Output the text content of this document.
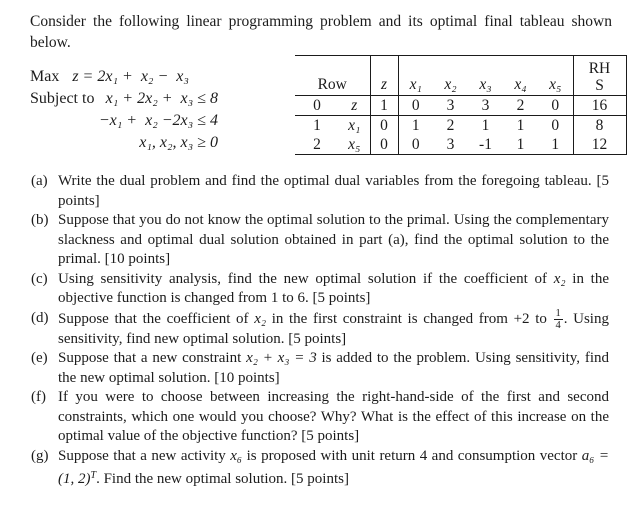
Consider the following linear programming problem and its optimal final tableau shown
below.

Max z = 2x₁ +  x₂ −  x₃
Subject to x₁ + 2x₂ +  x₃ ≤ 8
−x₁ +  x₂ −2x₃ ≤ 4
x₁, x₂, x₃ ≥ 0
Row		z	x₁	x₂	x₃	x₄	x₅	RH
S

0	z	1	0	3	3	2	0	16
1	x₁	0	1	2	1	1	0	8
2	x₅	0	0	3	-1	1	1	12
(a) Write the dual problem and find the optimal dual variables from the foregoing tableau. [5 points]
(b) Suppose that you do not know the optimal solution to the primal. Using the complementary slackness and optimal dual solution obtained in part (a), find the optimal solution to the primal. [10 points]
(c) Using sensitivity analysis, find the new optimal solution if the coefficient of x₂ in the objective function is changed from 1 to 6. [5 points]
(d) Suppose that the coefficient of x₂ in the first constraint is changed from +2 to $\frac{1}{4}$ . Using sensitivity, find new optimal solution. [5 points]
(e) Suppose that a new constraint x₂ + x₃ = 3 is added to the problem. Using sensitivity, find the new optimal solution. [10 points]
(f) If you were to choose between increasing the right-hand-side of the first and second constraints, which one would you choose? Why? What is the effect of this increase on the optimal value of the objective function? [5 points]
(g) Suppose that a new activity x₆ is proposed with unit return 4 and consumption vector a₆ = (1, 2)$^T$. Find the new optimal solution. [5 points]
